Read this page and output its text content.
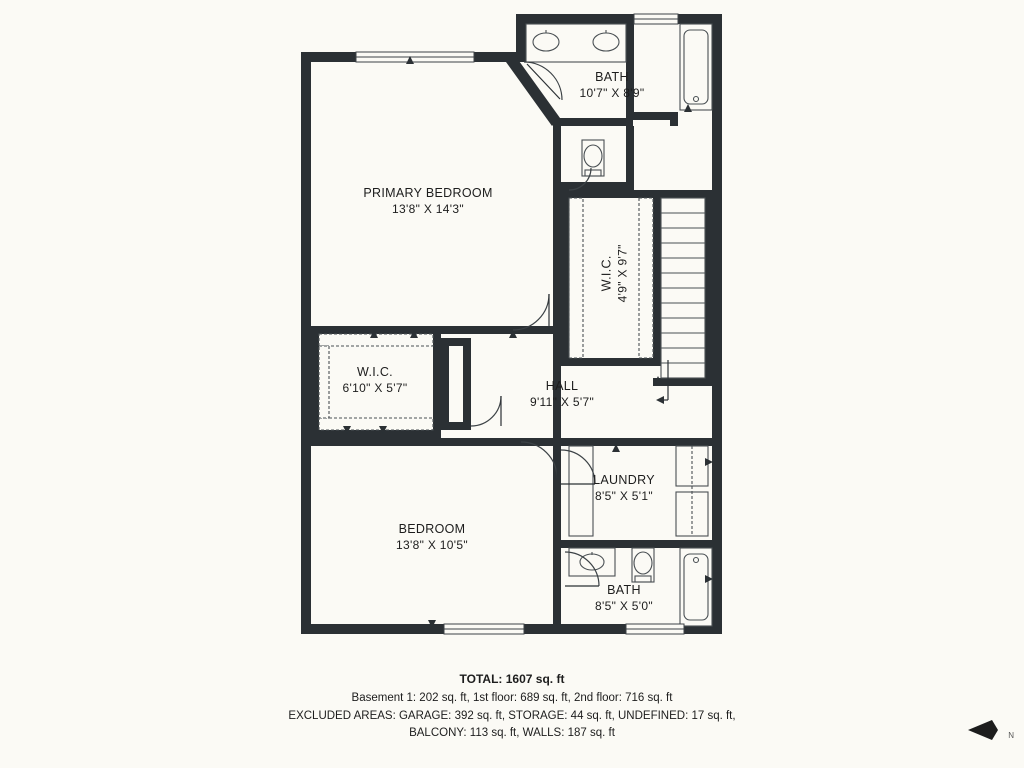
BATH
10'7" X 8'9"
PRIMARY BEDROOM
13'8" X 14'3"
W.I.C. 4'9" X 9'7"
W.I.C.
6'10" X 5'7"	HALL
9'11" X 5'7"
LAUNDRY
8'5" X 5'1"
BEDROOM
13'8" X 10'5"
BATH
8'5" X 5'0"
TOTAL: 1607 sq. ft
Basement 1: 202 sq. ft, 1st floor: 689 sq. ft, 2nd floor: 716 sq. ft
EXCLUDED AREAS: GARAGE: 392 sq. ft, STORAGE: 44 sq. ft, UNDEFINED: 17 sq. ft,
BALCONY: 113 sq. ft, WALLS: 187 sq. ft	N
